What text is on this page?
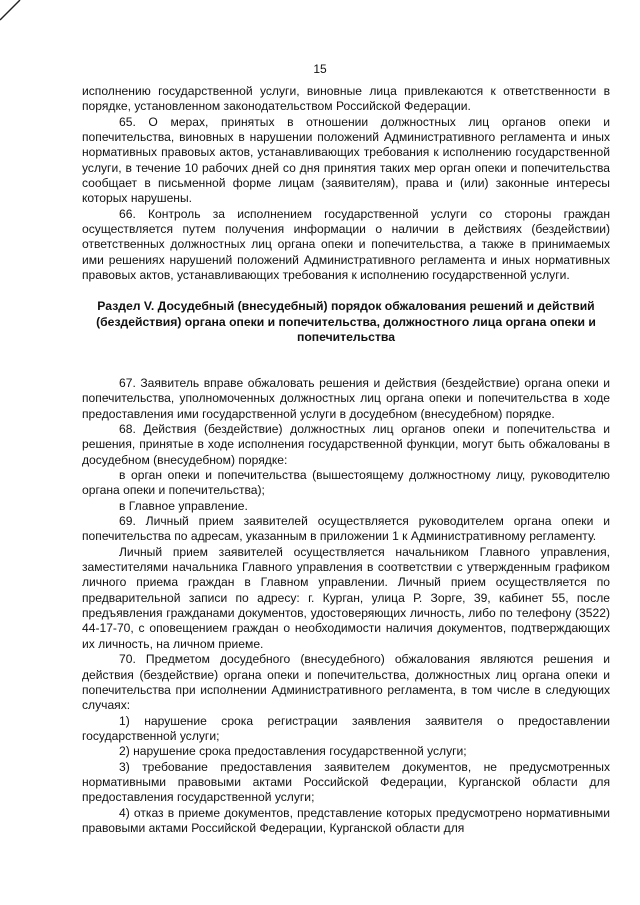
15

исполнению государственной услуги, виновные лица привлекаются к ответственности в порядке, установленном законодательством Российской Федерации.

65. О мерах, принятых в отношении должностных лиц органов опеки и попечительства, виновных в нарушении положений Административного регламента и иных нормативных правовых актов, устанавливающих требования к исполнению государственной услуги, в течение 10 рабочих дней со дня принятия таких мер орган опеки и попечительства сообщает в письменной форме лицам (заявителям), права и (или) законные интересы которых нарушены.

66. Контроль за исполнением государственной услуги со стороны граждан осуществляется путем получения информации о наличии в действиях (бездействии) ответственных должностных лиц органа опеки и попечительства, а также в принимаемых ими решениях нарушений положений Административного регламента и иных нормативных правовых актов, устанавливающих требования к исполнению государственной услуги.

Раздел V. Досудебный (внесудебный) порядок обжалования решений и действий (бездействия) органа опеки и попечительства, должностного лица органа опеки и попечительства

67. Заявитель вправе обжаловать решения и действия (бездействие) органа опеки и попечительства, уполномоченных должностных лиц органа опеки и попечительства в ходе предоставления ими государственной услуги в досудебном (внесудебном) порядке.

68. Действия (бездействие) должностных лиц органов опеки и попечительства и решения, принятые в ходе исполнения государственной функции, могут быть обжалованы в досудебном (внесудебном) порядке:

в орган опеки и попечительства (вышестоящему должностному лицу, руководителю органа опеки и попечительства);

в Главное управление.

69. Личный прием заявителей осуществляется руководителем органа опеки и попечительства по адресам, указанным в приложении 1 к Административному регламенту.

Личный прием заявителей осуществляется начальником Главного управления, заместителями начальника Главного управления в соответствии с утвержденным графиком личного приема граждан в Главном управлении. Личный прием осуществляется по предварительной записи по адресу: г. Курган, улица Р. Зорге, 39, кабинет 55, после предъявления гражданами документов, удостоверяющих личность, либо по телефону (3522) 44-17-70, с оповещением граждан о необходимости наличия документов, подтверждающих их личность, на личном приеме.

70. Предметом досудебного (внесудебного) обжалования являются решения и действия (бездействие) органа опеки и попечительства, должностных лиц органа опеки и попечительства при исполнении Административного регламента, в том числе в следующих случаях:

1) нарушение срока регистрации заявления заявителя о предоставлении государственной услуги;

2) нарушение срока предоставления государственной услуги;

3) требование предоставления заявителем документов, не предусмотренных нормативными правовыми актами Российской Федерации, Курганской области для предоставления государственной услуги;

4) отказ в приеме документов, представление которых предусмотрено нормативными правовыми актами Российской Федерации, Курганской области для
